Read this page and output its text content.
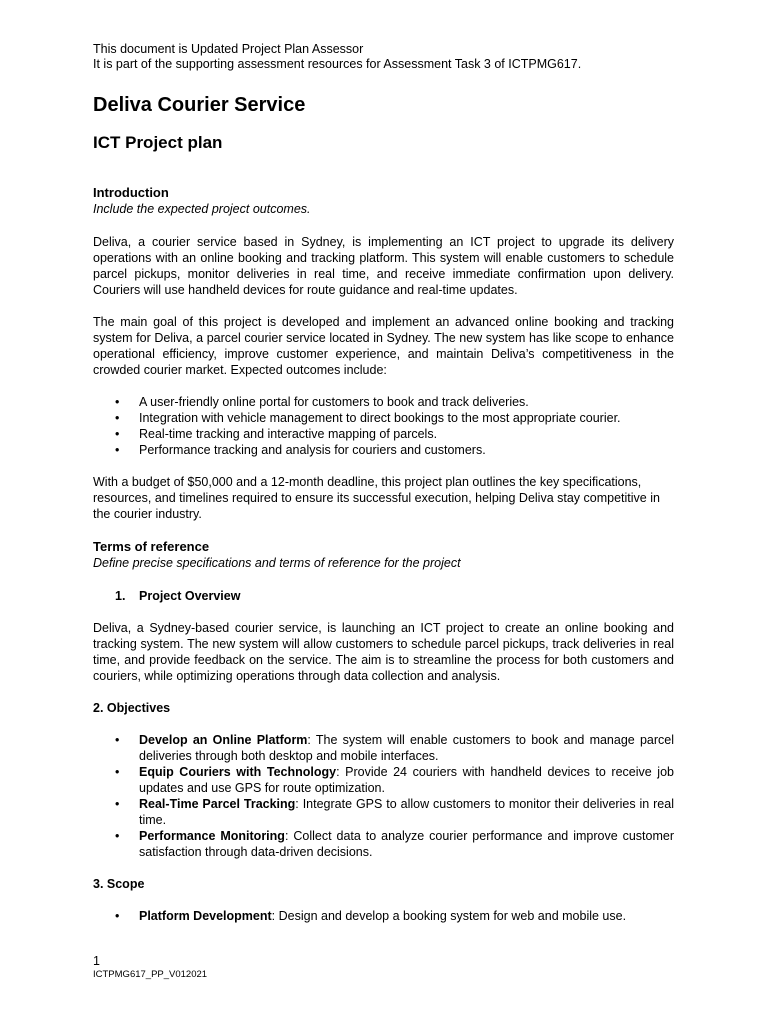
This document is Updated Project Plan Assessor
It is part of the supporting assessment resources for Assessment Task 3 of ICTPMG617.
Deliva Courier Service
ICT Project plan
Introduction
Include the expected project outcomes.

Deliva, a courier service based in Sydney, is implementing an ICT project to upgrade its delivery operations with an online booking and tracking platform. This system will enable customers to schedule parcel pickups, monitor deliveries in real time, and receive immediate confirmation upon delivery. Couriers will use handheld devices for route guidance and real-time updates.

The main goal of this project is developed and implement an advanced online booking and tracking system for Deliva, a parcel courier service located in Sydney. The new system has like scope to enhance operational efficiency, improve customer experience, and maintain Deliva’s competitiveness in the crowded courier market. Expected outcomes include:

• A user-friendly online portal for customers to book and track deliveries.
• Integration with vehicle management to direct bookings to the most appropriate courier.
• Real-time tracking and interactive mapping of parcels.
• Performance tracking and analysis for couriers and customers.

With a budget of $50,000 and a 12-month deadline, this project plan outlines the key specifications, resources, and timelines required to ensure its successful execution, helping Deliva stay competitive in the courier industry.

Terms of reference
Define precise specifications and terms of reference for the project
1. Project Overview

Deliva, a Sydney-based courier service, is launching an ICT project to create an online booking and tracking system. The new system will allow customers to schedule parcel pickups, track deliveries in real time, and provide feedback on the service. The aim is to streamline the process for both customers and couriers, while optimizing operations through data collection and analysis.

2. Objectives
• Develop an Online Platform: The system will enable customers to book and manage parcel deliveries through both desktop and mobile interfaces.
• Equip Couriers with Technology: Provide 24 couriers with handheld devices to receive job updates and use GPS for route optimization.
• Real-Time Parcel Tracking: Integrate GPS to allow customers to monitor their deliveries in real time.
• Performance Monitoring: Collect data to analyze courier performance and improve customer satisfaction through data-driven decisions.
3. Scope
• Platform Development: Design and develop a booking system for web and mobile use.
1
ICTPMG617_PP_V012021
